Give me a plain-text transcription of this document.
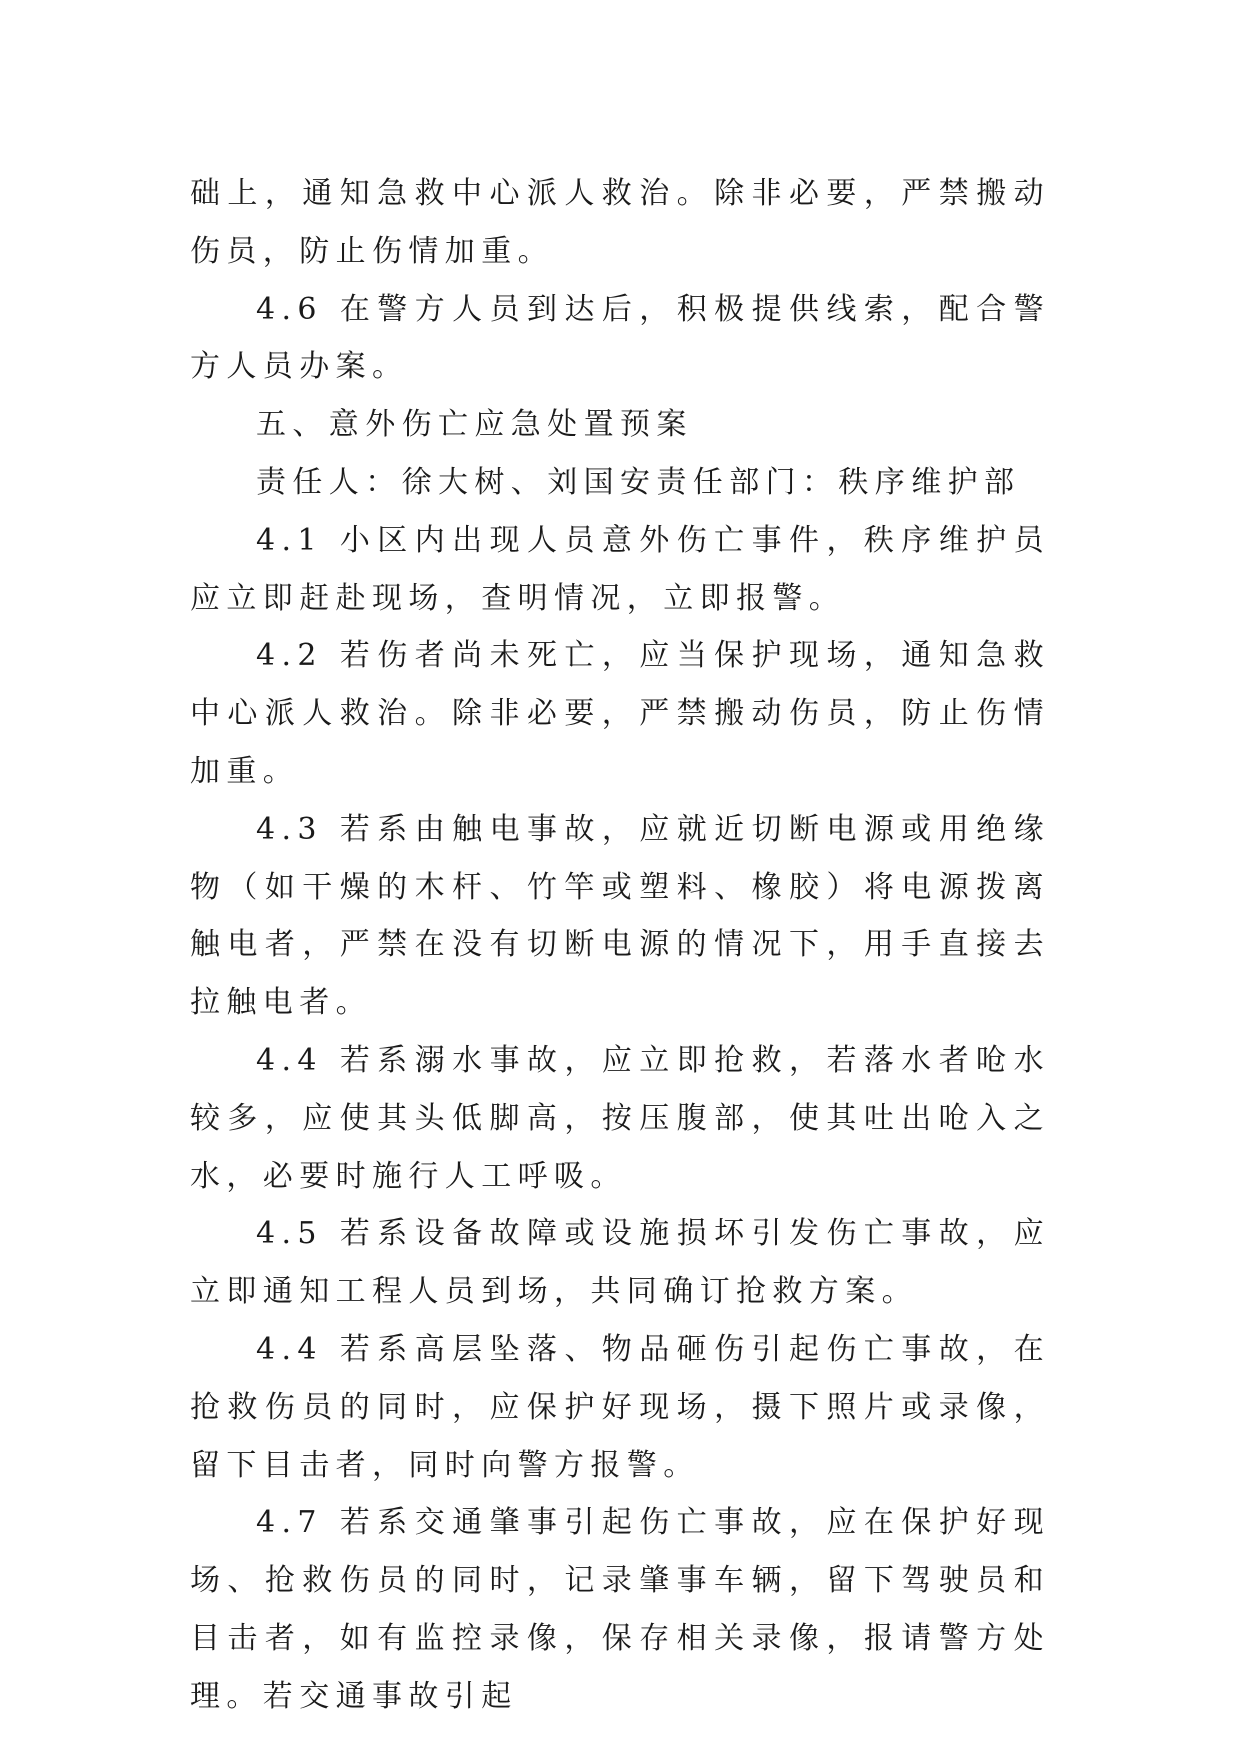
础上，通知急救中心派人救治。除非必要，严禁搬动伤员，防止伤情加重。

4.6 在警方人员到达后，积极提供线索，配合警方人员办案。

五、意外伤亡应急处置预案

责任人：徐大树、刘国安责任部门：秩序维护部

4.1 小区内出现人员意外伤亡事件，秩序维护员应立即赶赴现场，查明情况，立即报警。

4.2 若伤者尚未死亡，应当保护现场，通知急救中心派人救治。除非必要，严禁搬动伤员，防止伤情加重。

4.3 若系由触电事故，应就近切断电源或用绝缘物（如干燥的木杆、竹竿或塑料、橡胶）将电源拨离触电者，严禁在没有切断电源的情况下，用手直接去拉触电者。

4.4 若系溺水事故，应立即抢救，若落水者呛水较多，应使其头低脚高，按压腹部，使其吐出呛入之水，必要时施行人工呼吸。

4.5 若系设备故障或设施损坏引发伤亡事故，应立即通知工程人员到场，共同确订抢救方案。

4.4 若系高层坠落、物品砸伤引起伤亡事故，在抢救伤员的同时，应保护好现场，摄下照片或录像，留下目击者，同时向警方报警。

4.7 若系交通肇事引起伤亡事故，应在保护好现场、抢救伤员的同时，记录肇事车辆，留下驾驶员和目击者，如有监控录像，保存相关录像，报请警方处理。若交通事故引起
